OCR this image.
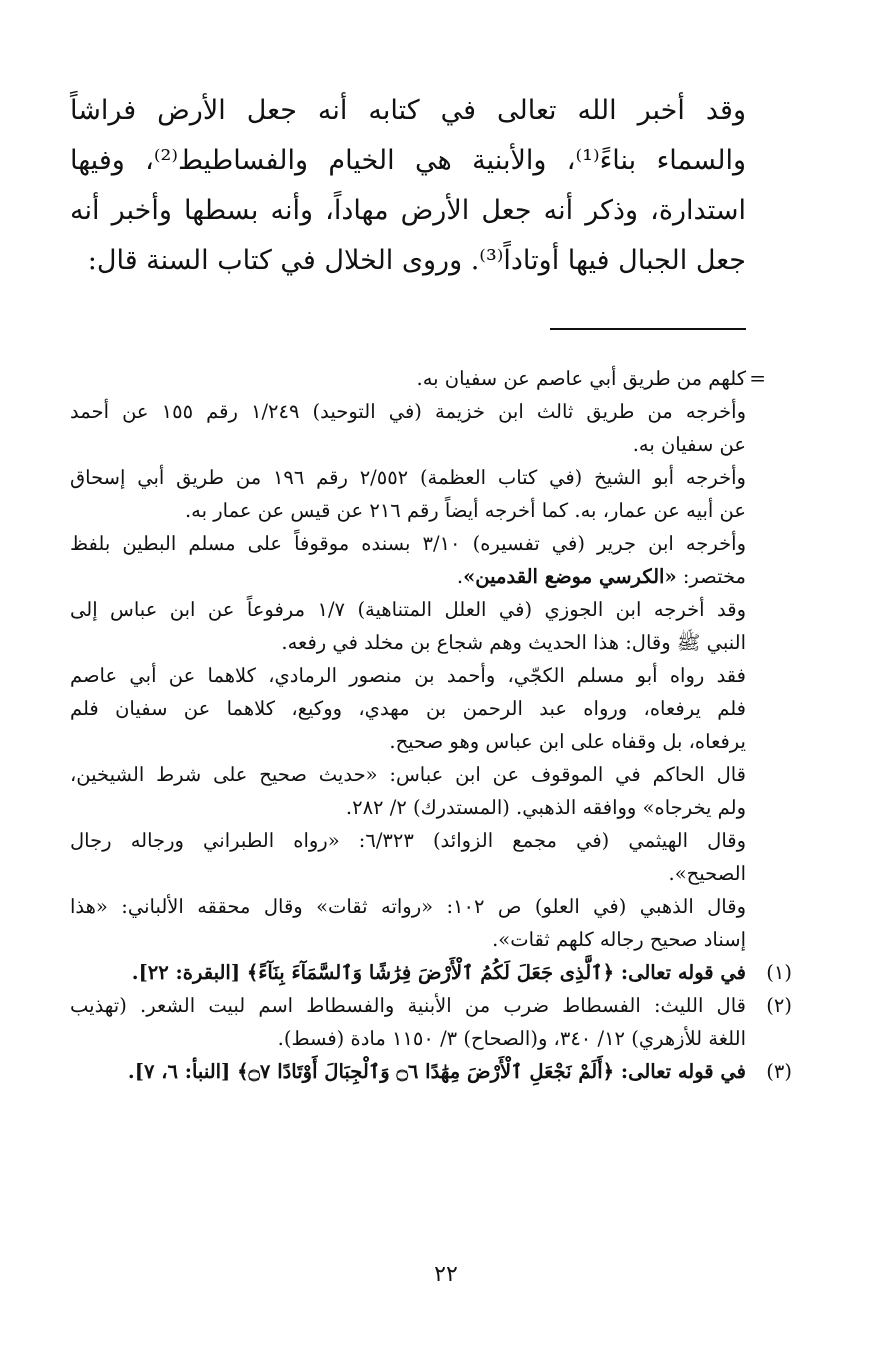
وقد أخبر الله تعالى في كتابه أنه جعل الأرض فراشاً
والسماء بناءً⁽¹⁾، والأبنية هي الخيام والفساطيط⁽²⁾، وفيها
استدارة، وذكر أنه جعل الأرض مهاداً، وأنه بسطها وأخبر أنه
جعل الجبال فيها أوتاداً⁽³⁾. وروى الخلال في كتاب السنة قال:
=
كلهم من طريق أبي عاصم عن سفيان به.
وأخرجه من طريق ثالث ابن خزيمة (في التوحيد) ١/٢٤٩ رقم ١٥٥ عن أحمد
عن سفيان به.
وأخرجه أبو الشيخ (في كتاب العظمة) ٢/٥٥٢ رقم ١٩٦ من طريق أبي إسحاق
عن أبيه عن عمار، به. كما أخرجه أيضاً رقم ٢١٦ عن قيس عن عمار به.
وأخرجه ابن جرير (في تفسيره) ٣/١٠ بسنده موقوفاً على مسلم البطين بلفظ
مختصر: «الكرسي موضع القدمين».
وقد أخرجه ابن الجوزي (في العلل المتناهية) ١/٧ مرفوعاً عن ابن عباس إلى
النبي ﷺ وقال: هذا الحديث وهم شجاع بن مخلد في رفعه.
فقد رواه أبو مسلم الكجّي، وأحمد بن منصور الرمادي، كلاهما عن أبي عاصم
فلم يرفعاه، ورواه عبد الرحمن بن مهدي، ووكيع، كلاهما عن سفيان فلم
يرفعاه، بل وقفاه على ابن عباس وهو صحيح.
قال الحاكم في الموقوف عن ابن عباس: «حديث صحيح على شرط الشيخين،
ولم يخرجاه» ووافقه الذهبي. (المستدرك) ٢/ ٢٨٢.
وقال الهيثمي (في مجمع الزوائد) ٦/٣٢٣: «رواه الطبراني ورجاله رجال
الصحيح».
وقال الذهبي (في العلو) ص ١٠٢: «رواته ثقات» وقال محققه الألباني: «هذا
إسناد صحيح رجاله كلهم ثقات».
(١)
في قوله تعالى: ﴿ٱلَّذِى جَعَلَ لَكُمُ ٱلْأَرْضَ فِرَٰشًا وَٱلسَّمَآءَ بِنَآءً﴾ [البقرة: ٢٢].
(٢)
قال الليث: الفسطاط ضرب من الأبنية والفسطاط اسم لبيت الشعر. (تهذيب
اللغة للأزهري) ١٢/ ٣٤٠، و(الصحاح) ٣/ ١١٥٠ مادة (فسط).
(٣)
في قوله تعالى: ﴿أَلَمْ نَجْعَلِ ٱلْأَرْضَ مِهَٰدًا ۝٦ وَٱلْجِبَالَ أَوْتَادًا ۝٧﴾ [النبأ: ٦، ٧].
٢٢
